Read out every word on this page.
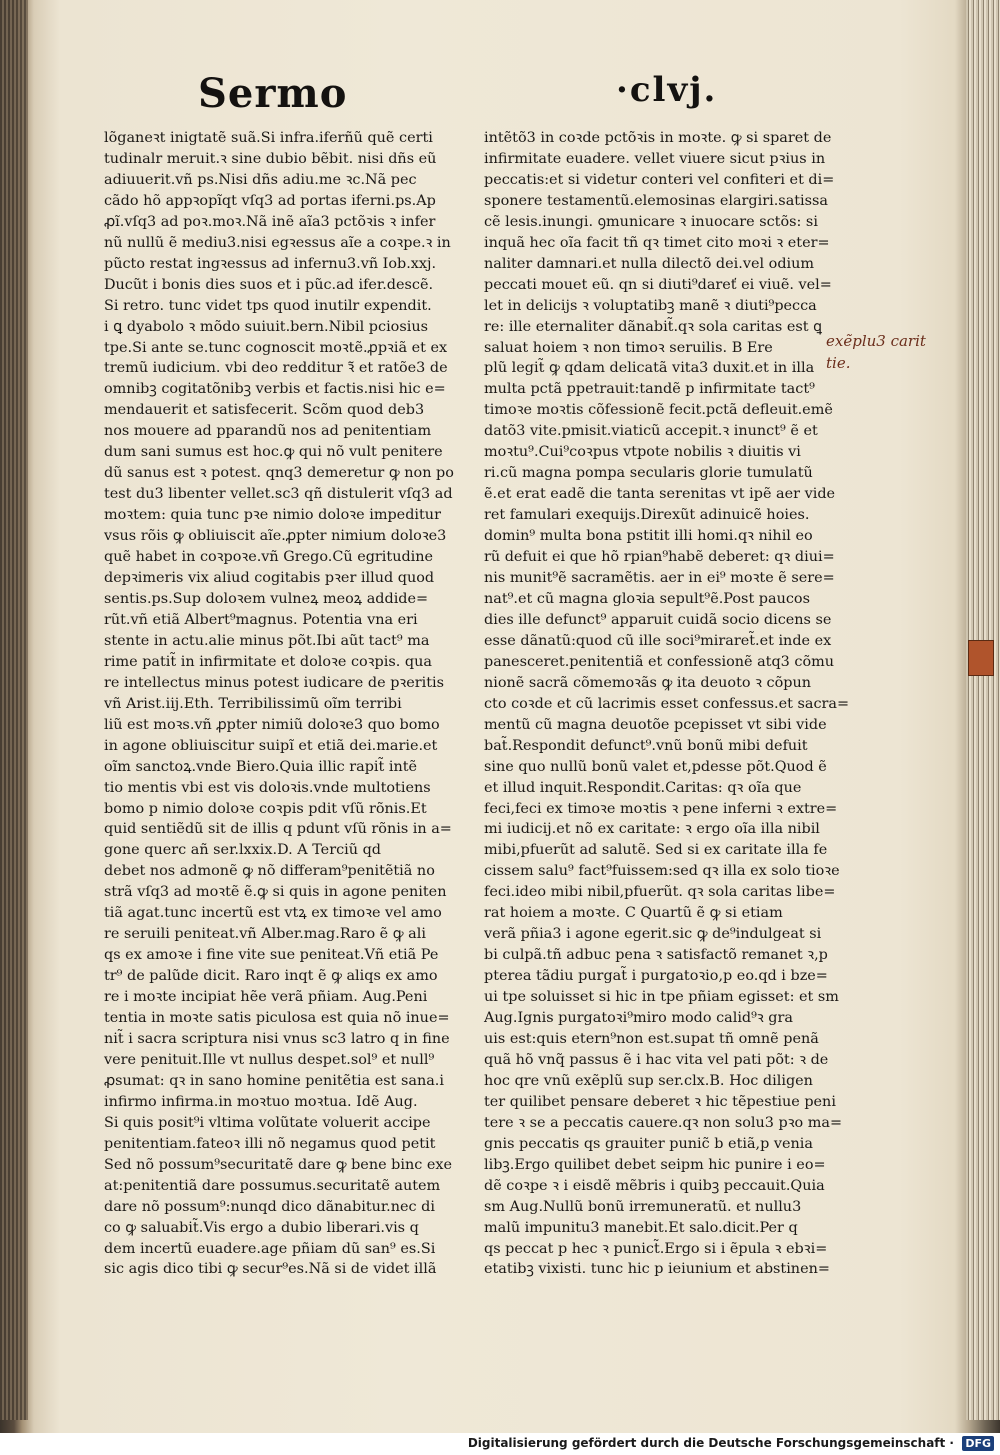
Sermo	·clvj.
lõganeꝛt inigtatẽ suã.Si infra.iferñũ quẽ certi
tudinalr meruit.ꝛ sine dubio bẽbit. nisi dñs eũ
adiuuerit.vñ ps.Nisi dñs adiu.me ꝛc.Nã pec
cãdo hõ appꝛopĩqt vſq3 ad portas iferni.ps.Ap
ꝓĩ.vſq3 ad poꝛ.moꝛ.Nã inẽ aĩa3 pctõꝛis ꝛ infer
nũ nullũ ẽ mediu3.nisi egꝛessus aĩe a coꝛpe.ꝛ in
pũcto restat ingꝛessus ad infernu3.vñ Iob.xxj.
Ducũt i bonis dies suos et i pũc.ad ifer.descẽ.
Si retro. tunc videt tps quod inutilr expendit.
i ꝗ dyabolo ꝛ mõdo suiuit.bern.Nibil pciosius
tpe.Si ante se.tunc cognoscit moꝛtẽ.ꝓpꝛiã et ex
tremũ iudicium. vbi deo redditur ꝛ̃ et ratõe3 de
omnibꝫ cogitatõnibꝫ verbis et factis.nisi hic e=
mendauerit et satisfecerit. Scõm quod deb3
nos mouere ad pparandũ nos ad penitentiam
dum sani sumus est hoc.ꝙ qui nõ vult penitere
dũ sanus est ꝛ potest. qnq3 demeretur ꝙ non po
test du3 libenter vellet.sc3 qñ distulerit vſq3 ad
moꝛtem: quia tunc pꝛe nimio doloꝛe impeditur
vsus rõis ꝙ obliuiscit aĩe.ꝓpter nimium doloꝛe3
quẽ habet in coꝛpoꝛe.vñ Grego.Cũ egritudine
depꝛimeris vix aliud cogitabis pꝛer illud quod
sentis.ps.Sup doloꝛem vulneꝝ meoꝝ addide=
rũt.vñ etiã Albert⁹magnus. Potentia vna eri
stente in actu.alie minus põt.Ibi aũt tact⁹ ma
rime patit̃ in infirmitate et doloꝛe coꝛpis. qua
re intellectus minus potest iudicare de pꝛeritis
vñ Arist.iij.Eth. Terribilissimũ oĩm terribi
liũ est moꝛs.vñ ꝓpter nimiũ doloꝛe3 quo bomo
in agone obliuiscitur suipĩ et etiã dei.marie.et
oĩm sanctoꝝ.vnde Biero.Quia illic rapit̃ intẽ
tio mentis vbi est vis doloꝛis.vnde multotiens
bomo p nimio doloꝛe coꝛpis pdit vſũ rõnis.Et
quid sentiẽdũ sit de illis q pdunt vſũ rõnis in a=
gone querc añ ser.lxxix.D. A Terciũ qd
debet nos admonẽ ꝙ nõ differam⁹penitẽtiã no
strã vſq3 ad moꝛtẽ ẽ.ꝙ si quis in agone peniten
tiã agat.tunc incertũ est vtꝝ ex timoꝛe vel amo
re seruili peniteat.vñ Alber.mag.Raro ẽ ꝙ ali
qs ex amoꝛe i fine vite sue peniteat.Vñ etiã Pe
tr⁹ de palũde dicit. Raro inqt ẽ ꝙ aliqs ex amo
re i moꝛte incipiat hẽe verã pñiam. Aug.Peni
tentia in moꝛte satis piculosa est quia nõ inue=
nit̃ i sacra scriptura nisi vnus sc3 latro q in fine
vere penituit.Ille vt nullus despet.sol⁹ et null⁹
ꝓsumat: qꝛ in sano homine penitẽtia est sana.i
infirmo infirma.in moꝛtuo moꝛtua. Idẽ Aug.
Si quis posit⁹i vltima volũtate voluerit accipe
penitentiam.fateoꝛ illi nõ negamus quod petit
Sed nõ possum⁹securitatẽ dare ꝙ bene binc exe
at:penitentiã dare possumus.securitatẽ autem
dare nõ possum⁹:nunqd dico dãnabitur.nec di
co ꝙ saluabit̃.Vis ergo a dubio liberari.vis q
dem incertũ euadere.age pñiam dũ san⁹ es.Si
sic agis dico tibi ꝙ secur⁹es.Nã si de videt illã
intẽtõ3 in coꝛde pctõꝛis in moꝛte. ꝙ si sparet de
infirmitate euadere. vellet viuere sicut pꝛius in
peccatis:et si videtur conteri vel confiteri et di=
sponere testamentũ.elemosinas elargiri.satissa
cẽ lesis.inungi. ꝯmunicare ꝛ inuocare sctõs: si
inquã hec oĩa facit tñ qꝛ timet cito moꝛi ꝛ eter=
naliter damnari.et nulla dilectõ dei.vel odium
peccati mouet eũ. qn si diuti⁹dareť ei viuẽ. vel=
let in delicijs ꝛ voluptatibꝫ manẽ ꝛ diuti⁹pecca
re: ille eternaliter dãnabit̃.qꝛ sola caritas est ꝗ
saluat hoiem ꝛ non timoꝛ seruilis. B Ere
plũ legit̃ ꝙ qdam delicatã vita3 duxit.et in illa
multa pctã ppetrauit:tandẽ p infirmitate tact⁹
timoꝛe moꝛtis cõfessionẽ fecit.pctã defleuit.emẽ
datõ3 vite.pmisit.viaticũ accepit.ꝛ inunct⁹ ẽ et
moꝛtu⁹.Cui⁹coꝛpus vtpote nobilis ꝛ diuitis vi
ri.cũ magna pompa secularis glorie tumulatũ
ẽ.et erat eadẽ die tanta serenitas vt ipẽ aer vide
ret famulari exequijs.Direxũt adinuicẽ hoies.
domin⁹ multa bona pstitit illi homi.qꝛ nihil eo
rũ defuit ei que hõ rpian⁹habẽ deberet: qꝛ diui=
nis munit⁹ẽ sacramẽtis. aer in ei⁹ moꝛte ẽ sere=
nat⁹.et cũ magna gloꝛia sepult⁹ẽ.Post paucos
dies ille defunct⁹ apparuit cuidã socio dicens se
esse dãnatũ:quod cũ ille soci⁹miraret̃.et inde ex
panesceret.penitentiã et confessionẽ atq3 cõmu
nionẽ sacrã cõmemoꝛãs ꝙ ita deuoto ꝛ cõpun
cto coꝛde et cũ lacrimis esset confessus.et sacra=
mentũ cũ magna deuotõe pcepisset vt sibi vide
bat̃.Respondit defunct⁹.vnũ bonũ mibi defuit
sine quo nullũ bonũ valet et,pdesse põt.Quod ẽ
et illud inquit.Respondit.Caritas: qꝛ oĩa que
feci,feci ex timoꝛe moꝛtis ꝛ pene inferni ꝛ extre=
mi iudicij.et nõ ex caritate: ꝛ ergo oĩa illa nibil
mibi,pfuerũt ad salutẽ. Sed si ex caritate illa fe
cissem salu⁹ fact⁹fuissem:sed qꝛ illa ex solo tioꝛe
feci.ideo mibi nibil,pfuerũt. qꝛ sola caritas libe=
rat hoiem a moꝛte. C Quartũ ẽ ꝙ si etiam
verã pñia3 i agone egerit.sic ꝙ de⁹indulgeat si
bi culpã.tñ adbuc pena ꝛ satisfactõ remanet ꝛ,p
pterea tãdiu purgat̃ i purgatoꝛio,p eo.qd i bze=
ui tpe soluisset si hic in tpe pñiam egisset: et sm
Aug.Ignis purgatoꝛi⁹miro modo calid⁹ꝛ gra
uis est:quis etern⁹non est.supat tñ omnẽ penã
quã hõ vnq̃ passus ẽ i hac vita vel pati põt: ꝛ de
hoc qre vnũ exẽplũ sup ser.clx.B. Hoc diligen
ter quilibet pensare deberet ꝛ hic tẽpestiue peni
tere ꝛ se a peccatis cauere.qꝛ non solu3 pꝛo ma=
gnis peccatis qs grauiter punic̃ b etiã,p venia
libꝫ.Ergo quilibet debet seipm hic punire i eo=
dẽ coꝛpe ꝛ i eisdẽ mẽbris i quibꝫ peccauit.Quia
sm Aug.Nullũ bonũ irremuneratũ. et nullu3
malũ impunitu3 manebit.Et salo.dicit.Per q
qs peccat p hec ꝛ punict̃.Ergo si i ẽpula ꝛ ebꝛi=
etatibꝫ vixisti. tunc hic p ieiunium et abstinen=
exẽplu3 carit
tie.
Digitalisierung gefördert durch die Deutsche Forschungsgemeinschaft · DFG
